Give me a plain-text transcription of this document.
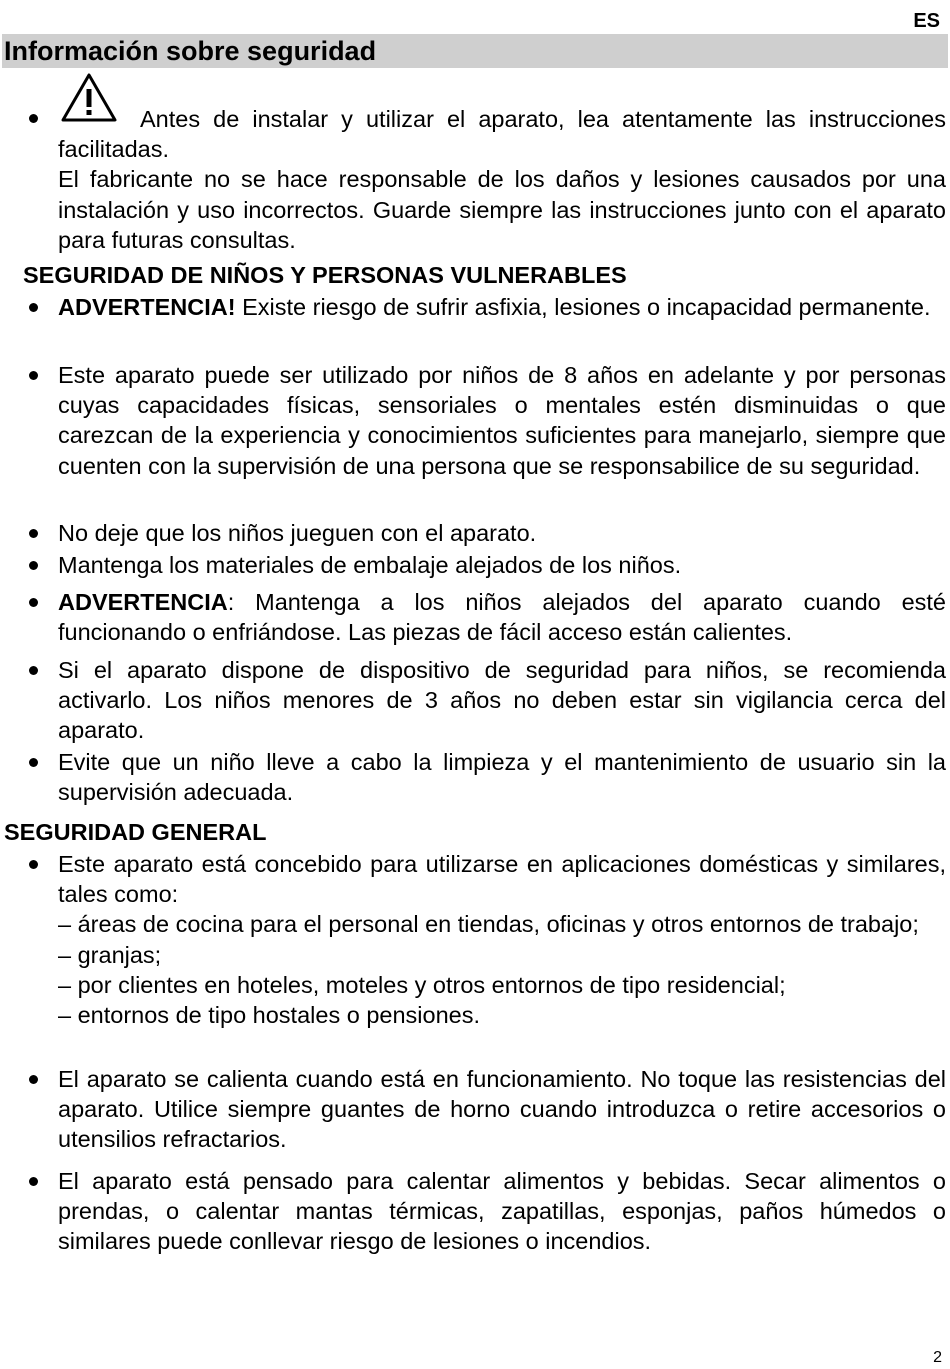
ES
Información sobre seguridad

Antes de instalar y utilizar el aparato, lea atentamente las instrucciones facilitadas.

El fabricante no se hace responsable de los daños y lesiones causados por una instalación y uso incorrectos. Guarde siempre las instrucciones junto con el aparato para futuras consultas.

SEGURIDAD DE NIÑOS Y PERSONAS VULNERABLES

ADVERTENCIA! Existe riesgo de sufrir asfixia, lesiones o incapacidad permanente.

Este aparato puede ser utilizado por niños de 8 años en adelante y por personas cuyas capacidades físicas, sensoriales o mentales estén disminuidas o que carezcan de la experiencia y conocimientos suficientes para manejarlo, siempre que cuenten con la supervisión de una persona que se responsabilice de su seguridad.

No deje que los niños jueguen con el aparato.

Mantenga los materiales de embalaje alejados de los niños.

ADVERTENCIA: Mantenga a los niños alejados del aparato cuando esté funcionando o enfriándose. Las piezas de fácil acceso están calientes.

Si el aparato dispone de dispositivo de seguridad para niños, se recomienda activarlo. Los niños menores de 3 años no deben estar sin vigilancia cerca del aparato.

Evite que un niño lleve a cabo la limpieza y el mantenimiento de usuario sin la supervisión adecuada.

SEGURIDAD GENERAL

Este aparato está concebido para utilizarse en aplicaciones domésticas y similares, tales como:

– áreas de cocina para el personal en tiendas, oficinas y otros entornos de trabajo;

– granjas;

– por clientes en hoteles, moteles y otros entornos de tipo residencial;

– entornos de tipo hostales o pensiones.

El aparato se calienta cuando está en funcionamiento. No toque las resistencias del aparato. Utilice siempre guantes de horno cuando introduzca o retire accesorios o utensilios refractarios.

El aparato está pensado para calentar alimentos y bebidas. Secar alimentos o prendas, o calentar mantas térmicas, zapatillas, esponjas, paños húmedos o similares puede conllevar riesgo de lesiones o incendios.

2
